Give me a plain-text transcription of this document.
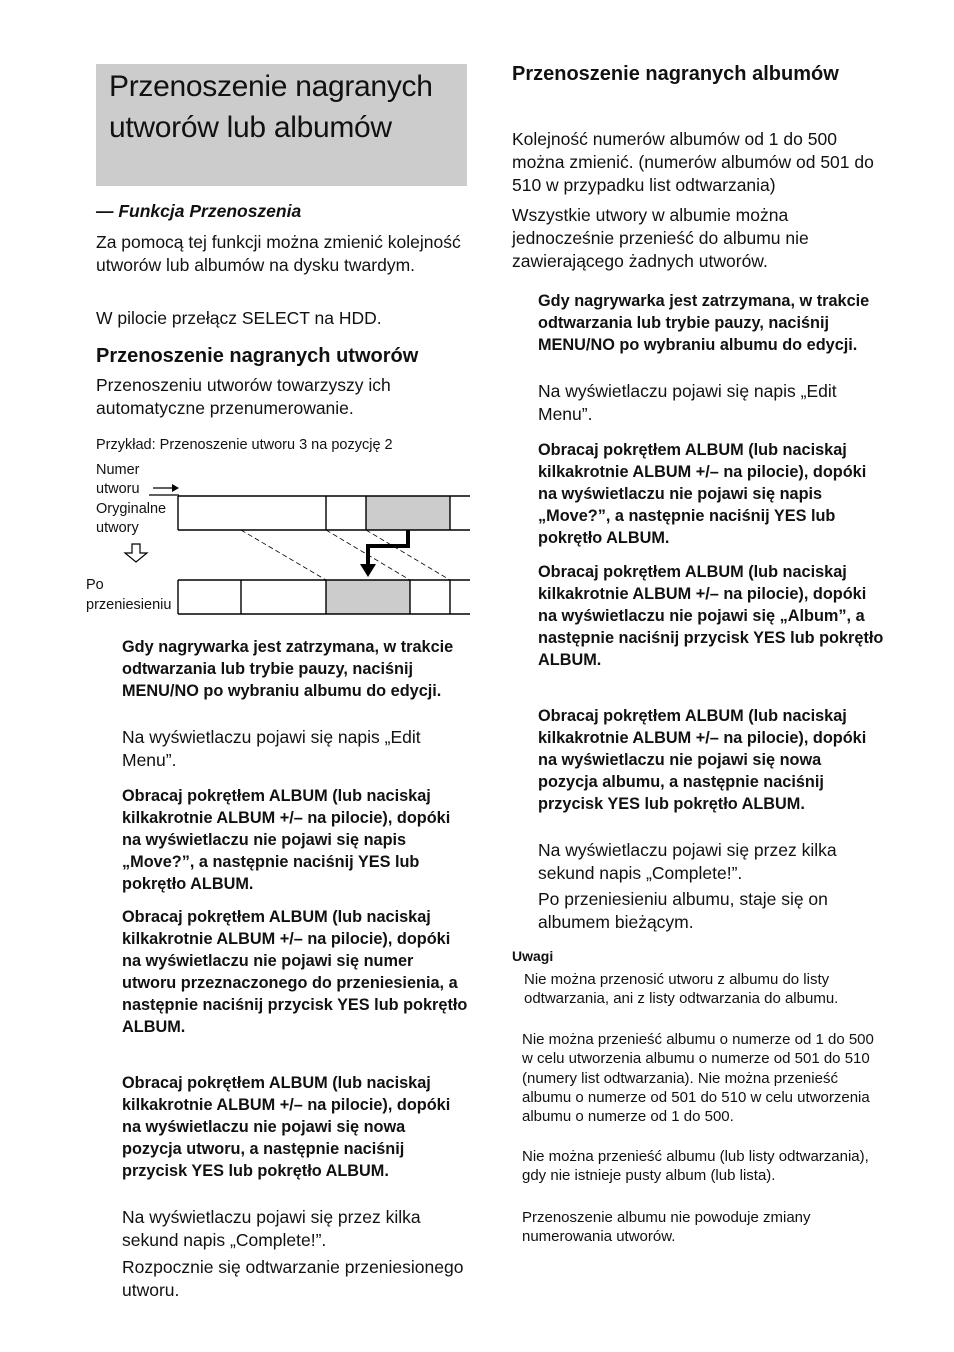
Przenoszenie nagranych utworów lub albumów
— Funkcja Przenoszenia

Za pomocą tej funkcji można zmienić kolejność utworów lub albumów na dysku twardym.

W pilocie przełącz SELECT na HDD.

Przenoszenie nagranych utworów

Przenoszeniu utworów towarzyszy ich automatyczne przenumerowanie.

Przykład: Przenoszenie utworu 3 na pozycję 2

Numer
utworu
Oryginalne
utwory
Po
przeniesieniu

Gdy nagrywarka jest zatrzymana, w trakcie odtwarzania lub trybie pauzy, naciśnij MENU/NO po wybraniu albumu do edycji.

Na wyświetlaczu pojawi się napis „Edit Menu”.

Obracaj pokrętłem ALBUM (lub naciskaj kilkakrotnie ALBUM +/– na pilocie), dopóki na wyświetlaczu nie pojawi się napis „Move?”, a następnie naciśnij YES lub pokrętło ALBUM.

Obracaj pokrętłem ALBUM (lub naciskaj kilkakrotnie ALBUM +/– na pilocie), dopóki na wyświetlaczu nie pojawi się numer utworu przeznaczonego do przeniesienia, a następnie naciśnij przycisk YES lub pokrętło ALBUM.

Obracaj pokrętłem ALBUM (lub naciskaj kilkakrotnie ALBUM +/– na pilocie), dopóki na wyświetlaczu nie pojawi się nowa pozycja utworu, a następnie naciśnij przycisk YES lub pokrętło ALBUM.

Na wyświetlaczu pojawi się przez kilka sekund napis „Complete!”.

Rozpocznie się odtwarzanie przeniesionego utworu.

Przenoszenie nagranych albumów

Kolejność numerów albumów od 1 do 500 można zmienić. (numerów albumów od 501 do 510 w przypadku list odtwarzania)

Wszystkie utwory w albumie można jednocześnie przenieść do albumu nie zawierającego żadnych utworów.

Gdy nagrywarka jest zatrzymana, w trakcie odtwarzania lub trybie pauzy, naciśnij MENU/NO po wybraniu albumu do edycji.

Na wyświetlaczu pojawi się napis „Edit Menu”.

Obracaj pokrętłem ALBUM (lub naciskaj kilkakrotnie ALBUM +/– na pilocie), dopóki na wyświetlaczu nie pojawi się napis „Move?”, a następnie naciśnij YES lub pokrętło ALBUM.

Obracaj pokrętłem ALBUM (lub naciskaj kilkakrotnie ALBUM +/– na pilocie), dopóki na wyświetlaczu nie pojawi się „Album”, a następnie naciśnij przycisk YES lub pokrętło ALBUM.

Obracaj pokrętłem ALBUM (lub naciskaj kilkakrotnie ALBUM +/– na pilocie), dopóki na wyświetlaczu nie pojawi się nowa pozycja albumu, a następnie naciśnij przycisk YES lub pokrętło ALBUM.

Na wyświetlaczu pojawi się przez kilka sekund napis „Complete!”.

Po przeniesieniu albumu, staje się on albumem bieżącym.

Uwagi

Nie można przenosić utworu z albumu do listy odtwarzania, ani z listy odtwarzania do albumu.

Nie można przenieść albumu o numerze od 1 do 500 w celu utworzenia albumu o numerze od 501 do 510 (numery list odtwarzania). Nie można przenieść albumu o numerze od 501 do 510 w celu utworzenia albumu o numerze od 1 do 500.

Nie można przenieść albumu (lub listy odtwarzania), gdy nie istnieje pusty album (lub lista).

Przenoszenie albumu nie powoduje zmiany numerowania utworów.
